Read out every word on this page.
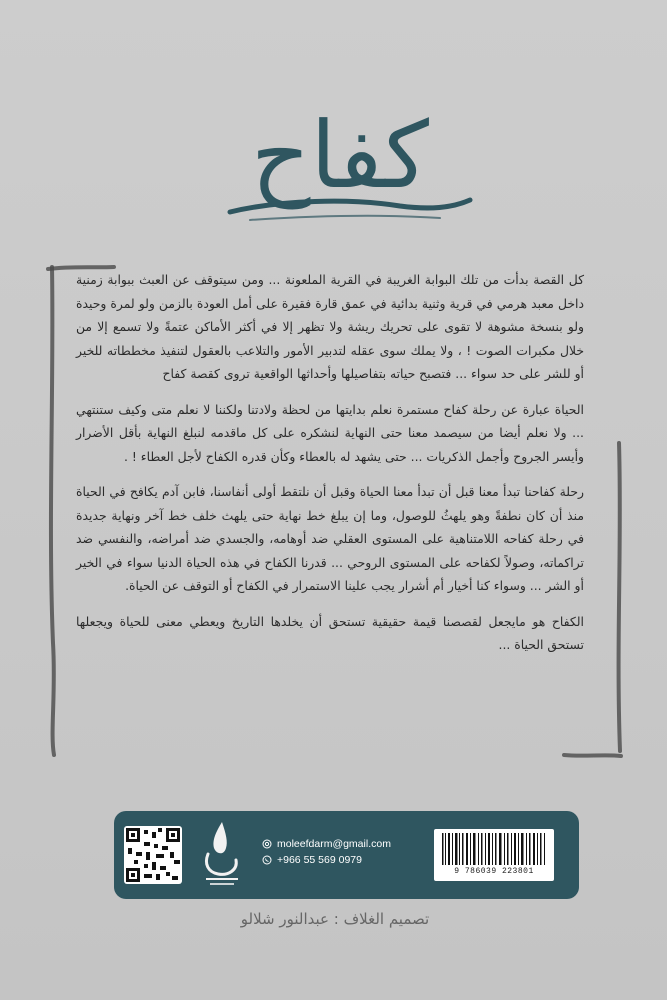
كفاح

كل القصة بدأت من تلك البوابة الغريبة في القرية الملعونة ... ومن سيتوقف عن العبث ببوابة زمنية داخل معبد هرمي في قرية وثنية بدائية في عمق قارة فقيرة على أمل العودة بالزمن ولو لمرة وحيدة ولو بنسخة مشوهة لا تقوى على تحريك ريشة ولا تظهر إلا في أكثر الأماكن عتمةً ولا تسمع إلا من خلال مكبرات الصوت ! ، ولا يملك سوى عقله لتدبير الأمور والتلاعب بالعقول لتنفيذ مخططاته للخير أو للشر على حد سواء ... فتصبح حياته بتفاصيلها وأحداثها الواقعية تروى كقصة كفاح

الحياة عبارة عن رحلة كفاح مستمرة نعلم بدايتها من لحظة ولادتنا ولكننا لا نعلم متى وكيف ستنتهي ... ولا نعلم أيضا من سيصمد معنا حتى النهاية لنشكره على كل ماقدمه لنبلغ النهاية بأقل الأضرار وأيسر الجروح وأجمل الذكريات ... حتى يشهد له بالعطاء وكأن قدره الكفاح لأجل العطاء ! .

رحلة كفاحنا تبدأ معنا قبل أن تبدأ معنا الحياة وقبل أن نلتقط أولى أنفاسنا، فابن آدم يكافح في الحياة منذ أن كان نطفةً وهو يلهثُ للوصول، وما إن يبلغ خط نهاية حتى يلهث خلف خط آخر ونهاية جديدة في رحلة كفاحه اللامتناهية على المستوى العقلي ضد أوهامه، والجسدي ضد أمراضه، والنفسي ضد تراكماته، وصولاً لكفاحه على المستوى الروحي ... قدرنا الكفاح في هذه الحياة الدنيا سواء في الخير أو الشر ... وسواء كنا أخيار أم أشرار يجب علينا الاستمرار في الكفاح أو التوقف عن الحياة.

الكفاح هو مايجعل لقصصنا قيمة حقيقية تستحق أن يخلدها التاريخ ويعطي معنى للحياة ويجعلها تستحق الحياة ...

moleefdarm@gmail.com
+966 55 569 0979
9 786039 223801
تصميم الغلاف : عبدالنور شلالو
